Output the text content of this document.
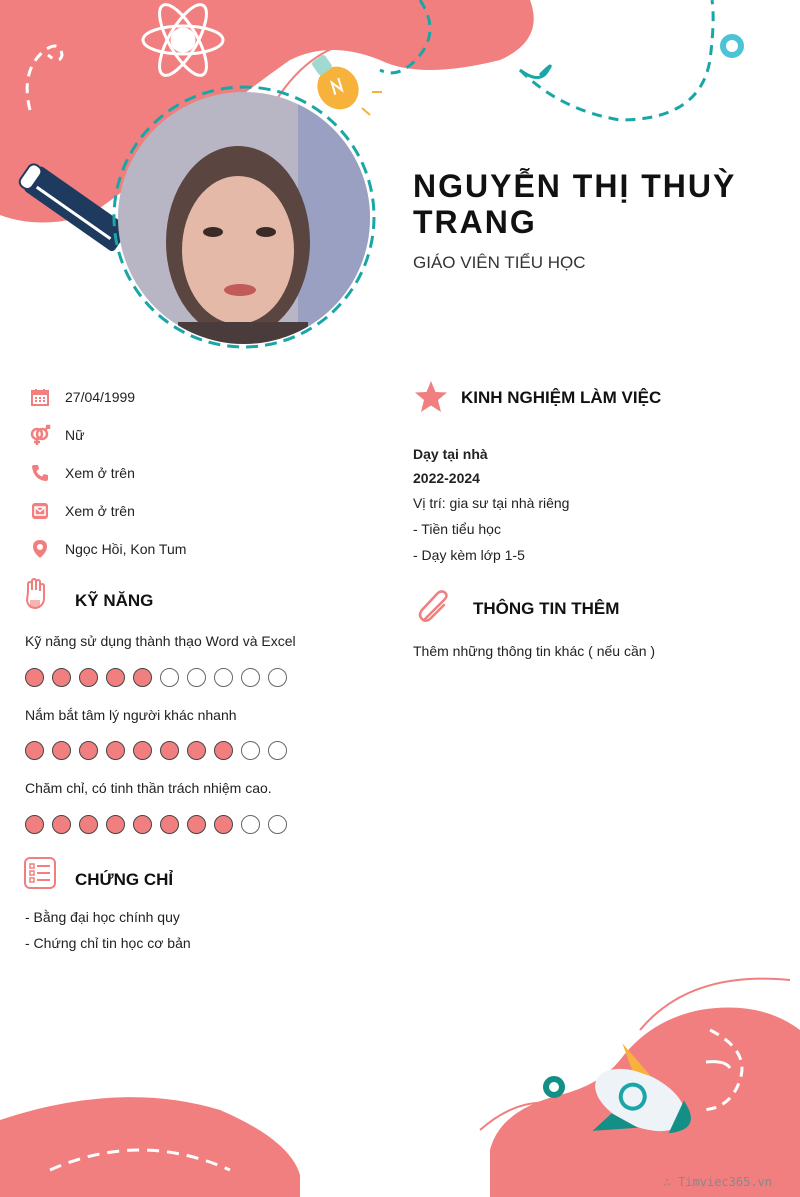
NGUYỄN THỊ THUỲ TRANG
GIÁO VIÊN TIỂU HỌC
27/04/1999
Nữ
Xem ở trên
Xem ở trên
Ngọc Hồi, Kon Tum
KỸ NĂNG
Kỹ năng sử dụng thành thạo Word và Excel
Nắm bắt tâm lý người khác nhanh
Chăm chỉ, có tinh thần trách nhiệm cao.
CHỨNG CHỈ
- Bằng đại học chính quy
- Chứng chỉ tin học cơ bản
KINH NGHIỆM LÀM VIỆC
Dạy tại nhà
2022-2024
Vị trí: gia sư tại nhà riêng
- Tiền tiểu học
- Dạy kèm lớp 1-5
THÔNG TIN THÊM
Thêm những thông tin khác ( nếu cần )
∴ Timviec365.vn
